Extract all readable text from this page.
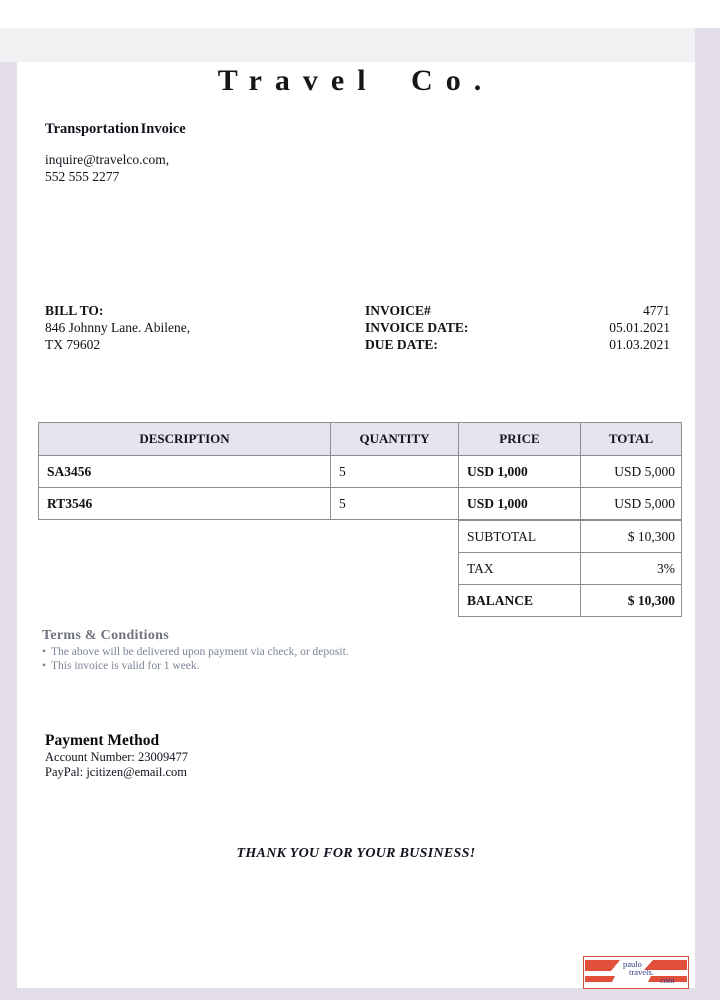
Travel Co.
Transportation Invoice
inquire@travelco.com,
552 555 2277
BILL TO:
846 Johnny Lane. Abilene,
TX 79602
INVOICE#	4771
INVOICE DATE:	05.01.2021
DUE DATE:	01.03.2021
DESCRIPTION	QUANTITY	PRICE	TOTAL
SA3456	5	USD 1,000	USD 5,000
RT3546	5	USD 1,000	USD 5,000
SUBTOTAL	$ 10,300
TAX	3%
BALANCE	$ 10,300
Terms & Conditions
• The above will be delivered upon payment via check, or deposit.
• This invoice is valid for 1 week.
Payment Method
Account Number: 23009477
PayPal: jcitizen@email.com
THANK YOU FOR YOUR BUSINESS!
paulo
travels.
com
